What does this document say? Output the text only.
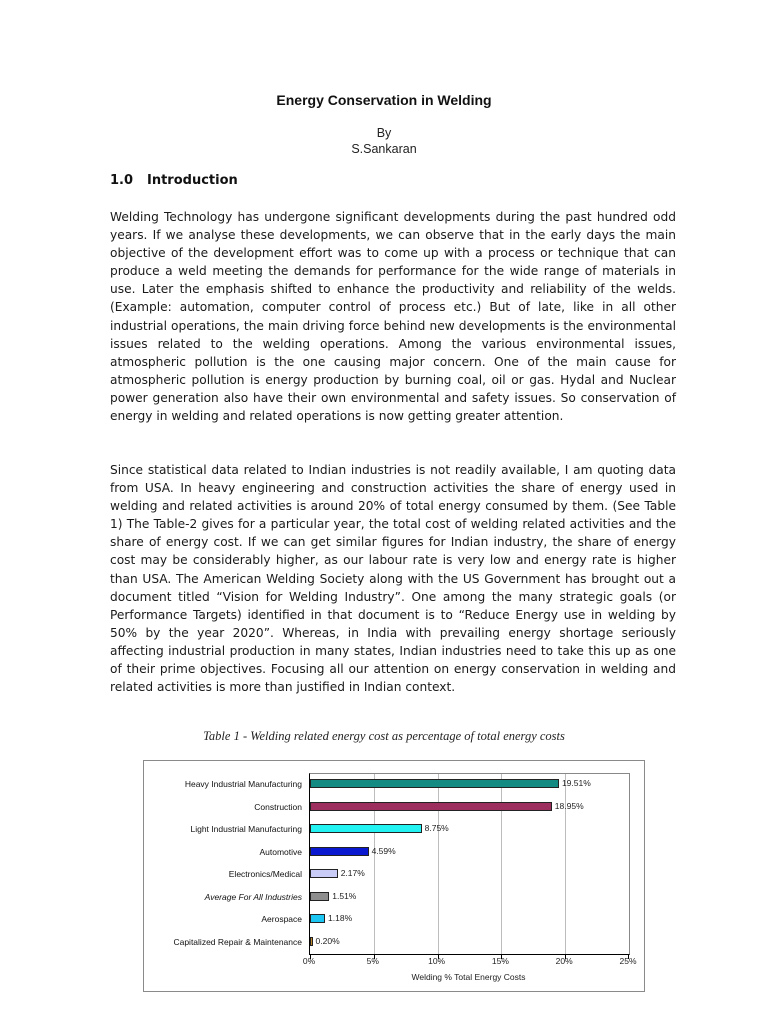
Energy Conservation in Welding
By
S.Sankaran
1.0 Introduction

Welding Technology has undergone significant developments during the past hundred odd years. If we analyse these developments, we can observe that in the early days the main objective of the development effort was to come up with a process or technique that can produce a weld meeting the demands for performance for the wide range of materials in use. Later the emphasis shifted to enhance the productivity and reliability of the welds. (Example: automation, computer control of process etc.) But of late, like in all other industrial operations, the main driving force behind new developments is the environmental issues related to the welding operations. Among the various environmental issues, atmospheric pollution is the one causing major concern. One of the main cause for atmospheric pollution is energy production by burning coal, oil or gas. Hydal and Nuclear power generation also have their own environmental and safety issues. So conservation of energy in welding and related operations is now getting greater attention.

Since statistical data related to Indian industries is not readily available, I am quoting data from USA. In heavy engineering and construction activities the share of energy used in welding and related activities is around 20% of total energy consumed by them. (See Table 1) The Table-2 gives for a particular year, the total cost of welding related activities and the share of energy cost. If we can get similar figures for Indian industry, the share of energy cost may be considerably higher, as our labour rate is very low and energy rate is higher than USA. The American Welding Society along with the US Government has brought out a document titled “Vision for Welding Industry”. One among the many strategic goals (or Performance Targets) identified in that document is to “Reduce Energy use in welding by 50% by the year 2020”. Whereas, in India with prevailing energy shortage seriously affecting industrial production in many states, Indian industries need to take this up as one of their prime objectives. Focusing all our attention on energy conservation in welding and related activities is more than justified in Indian context.

Table 1 - Welding related energy cost as percentage of total energy costs
Heavy Industrial Manufacturing	19.51%
Construction	18.95%
Light Industrial Manufacturing	8.75%
Automotive	4.59%
Electronics/Medical	2.17%
Average For All Industries	1.51%
Aerospace	1.18%
Capitalized Repair & Maintenance 0.20%
0%	5%	10%	15%	20%	25%
Welding % Total Energy Costs
